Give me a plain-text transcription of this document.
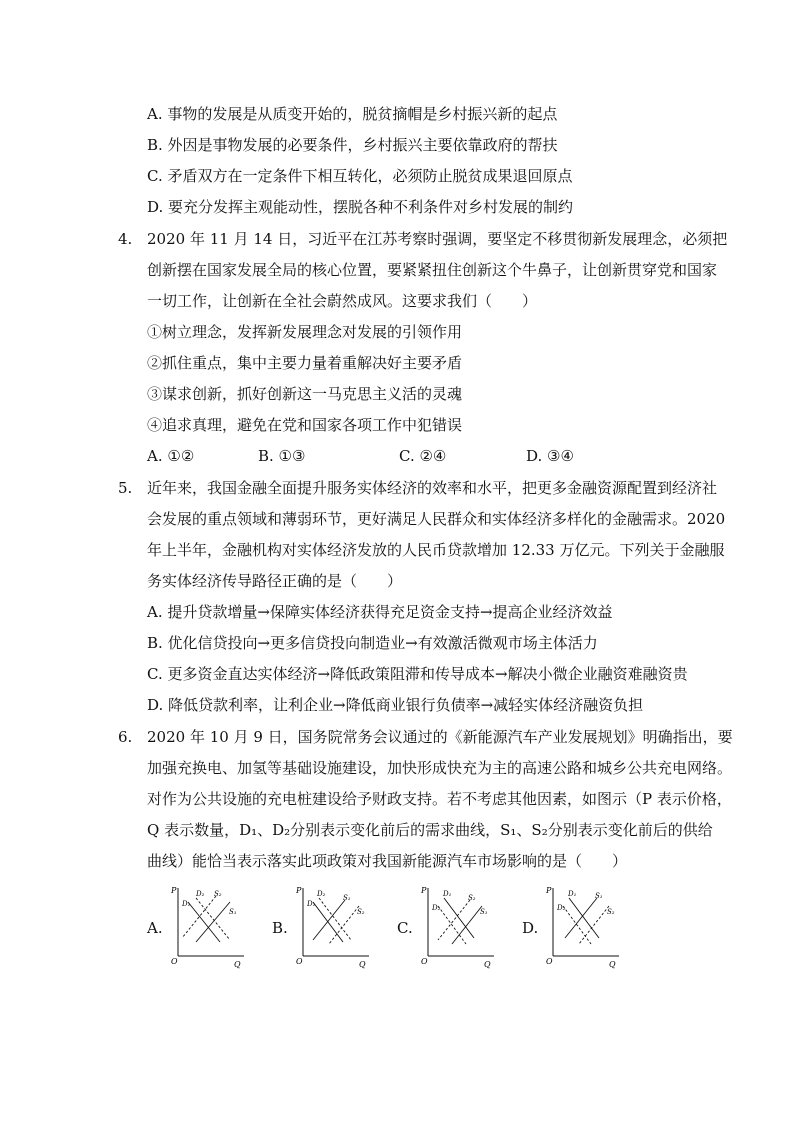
A. 事物的发展是从质变开始的，脱贫摘帽是乡村振兴新的起点
B. 外因是事物发展的必要条件，乡村振兴主要依靠政府的帮扶
C. 矛盾双方在一定条件下相互转化，必须防止脱贫成果退回原点
D. 要充分发挥主观能动性，摆脱各种不利条件对乡村发展的制约
4. 2020 年 11 月 14 日，习近平在江苏考察时强调，要坚定不移贯彻新发展理念，必须把
创新摆在国家发展全局的核心位置，要紧紧扭住创新这个牛鼻子，让创新贯穿党和国家
一切工作，让创新在全社会蔚然成风。这要求我们（　　）
①树立理念，发挥新发展理念对发展的引领作用
②抓住重点，集中主要力量着重解决好主要矛盾
③谋求创新，抓好创新这一马克思主义活的灵魂
④追求真理，避免在党和国家各项工作中犯错误
A. ①②	B. ①③	C. ②④	D. ③④
5. 近年来，我国金融全面提升服务实体经济的效率和水平，把更多金融资源配置到经济社
会发展的重点领域和薄弱环节，更好满足人民群众和实体经济多样化的金融需求。2020
年上半年，金融机构对实体经济发放的人民币贷款增加 12.33 万亿元。下列关于金融服
务实体经济传导路径正确的是（　　）
A. 提升贷款增量→保障实体经济获得充足资金支持→提高企业经济效益
B. 优化信贷投向→更多信贷投向制造业→有效激活微观市场主体活力
C. 更多资金直达实体经济→降低政策阻滞和传导成本→解决小微企业融资难融资贵
D. 降低贷款利率，让利企业→降低商业银行负债率→减轻实体经济融资负担
6. 2020 年 10 月 9 日，国务院常务会议通过的《新能源汽车产业发展规划》明确指出，要
加强充换电、加氢等基础设施建设，加快形成快充为主的高速公路和城乡公共充电网络。
对作为公共设施的充电桩建设给予财政支持。若不考虑其他因素，如图示（P 表示价格，
Q 表示数量，D₁、D₂分别表示变化前后的需求曲线，S₁、S₂分别表示变化前后的供给
曲线）能恰当表示落实此项政策对我国新能源汽车市场影响的是（　　）
A.	B.	C.	D.
P
O	Q
D₂
D₁
S₁
S₂	P
O	Q
D₂
D₁
S₁
S₂
P
O	Q
D₁
D₂
S₂
S₁
P
O	Q
D₁
D₂
S₁
S₂
